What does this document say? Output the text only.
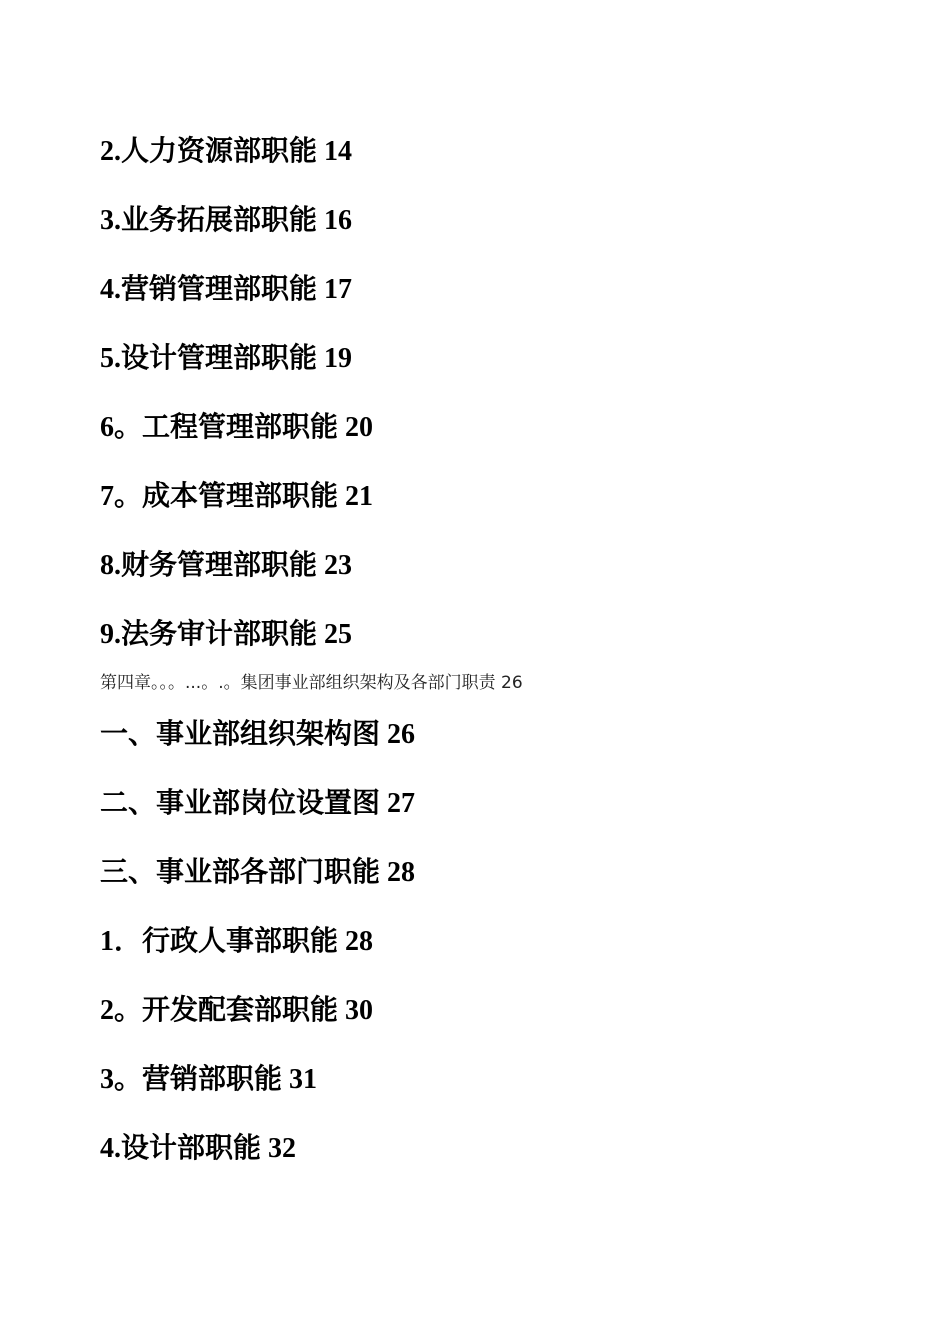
2.人力资源部职能 14
3.业务拓展部职能 16
4.营销管理部职能 17
5.设计管理部职能 19
6。工程管理部职能 20
7。成本管理部职能 21
8.财务管理部职能 23
9.法务审计部职能 25
第四章。。。...。.。集团事业部组织架构及各部门职责 26
一、事业部组织架构图 26
二、事业部岗位设置图 27
三、事业部各部门职能 28
1．行政人事部职能 28
2。开发配套部职能 30
3。营销部职能 31
4.设计部职能 32
